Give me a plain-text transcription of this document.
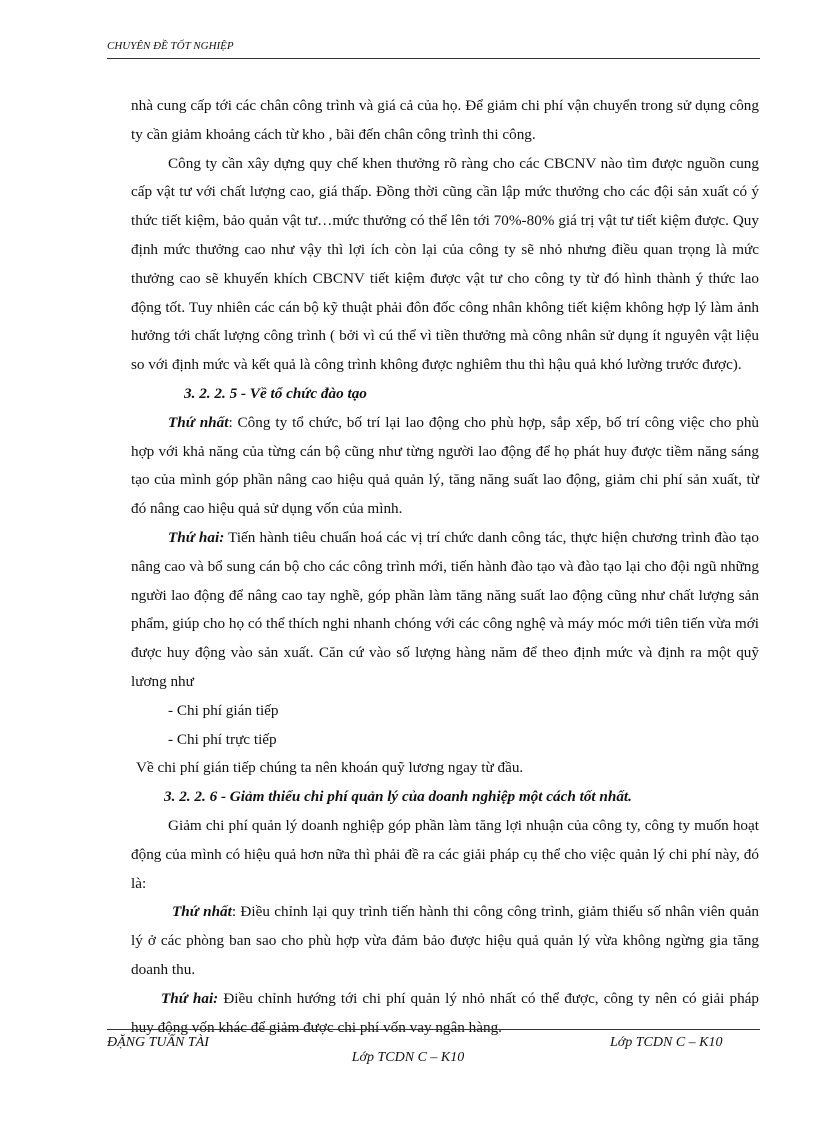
CHUYÊN ĐỀ TỐT NGHIỆP

nhà cung cấp tới các chân công trình và giá cả của họ. Để giảm chi phí vận chuyển trong sử dụng công ty cần giảm khoảng cách từ kho , bãi đến chân công trình thi công.

Công ty cần xây dựng quy chế khen thưởng rõ ràng cho các CBCNV nào tìm được nguồn cung cấp vật tư với chất lượng cao, giá thấp. Đồng thời cũng cần lập mức thưởng cho các đội sản xuất có ý thức tiết kiệm, bảo quản vật tư…mức thưởng có thể lên tới 70%-80% giá trị vật tư tiết kiệm được. Quy định mức thưởng cao như vậy thì lợi ích còn lại của công ty sẽ nhỏ nhưng điều quan trọng là mức thưởng cao sẽ khuyến khích CBCNV tiết kiệm được vật tư cho công ty từ đó hình thành ý thức lao động tốt. Tuy nhiên các cán bộ kỹ thuật phải đôn đốc công nhân không tiết kiệm không hợp lý làm ảnh hưởng tới chất lượng công trình ( bởi vì cú thể vì tiền thưởng mà công nhân sử dụng ít nguyên vật liệu so với định mức và kết quả là công trình không được nghiêm thu thì hậu quả khó lường trước được).

3. 2. 2. 5 - Về tổ chức đào tạo

Thứ nhất: Công ty tổ chức, bố trí lại lao động cho phù hợp, sắp xếp, bố trí công việc cho phù hợp với khả năng của từng cán bộ cũng như từng người lao động để họ phát huy được tiềm năng sáng tạo của mình góp phần nâng cao hiệu quả quản lý, tăng năng suất lao động, giảm chi phí sản xuất, từ đó nâng cao hiệu quả sử dụng vốn của mình.

Thứ hai: Tiến hành tiêu chuẩn hoá các vị trí chức danh công tác, thực hiện chương trình đào tạo nâng cao và bổ sung cán bộ cho các công trình mới, tiến hành đào tạo và đào tạo lại cho đội ngũ những người lao động để nâng cao tay nghề, góp phần làm tăng năng suất lao động cũng như chất lượng sản phẩm, giúp cho họ có thể thích nghi nhanh chóng với các công nghệ và máy móc mới tiên tiến vừa mới được huy động vào sản xuất. Căn cứ vào số lượng hàng năm để theo định mức và định ra một quỹ lương như

- Chi phí gián tiếp

- Chi phí trực tiếp

Về chi phí gián tiếp chúng ta nên khoán quỹ lương ngay từ đầu.

3. 2. 2. 6 - Giảm thiểu chi phí quản lý của doanh nghiệp một cách tốt nhất.

Giảm chi phí quản lý doanh nghiệp góp phần làm tăng lợi nhuận của công ty, công ty muốn hoạt động của mình có hiệu quả hơn nữa thì phải đề ra các giải pháp cụ thể cho việc quản lý chi phí này, đó là:

Thứ nhất: Điều chỉnh lại quy trình tiến hành thi công công trình, giảm thiểu số nhân viên quản lý ở các phòng ban sao cho phù hợp vừa đảm bảo được hiệu quả quản lý vừa không ngừng gia tăng doanh thu.

Thứ hai: Điều chỉnh hướng tới chi phí quản lý nhỏ nhất có thể được, công ty nên có giải pháp huy động vốn khác để giảm được chi phí vốn vay ngân hàng.

ĐẶNG TUẤN TÀI	Lớp TCDN C – K10
Lớp TCDN C – K10
